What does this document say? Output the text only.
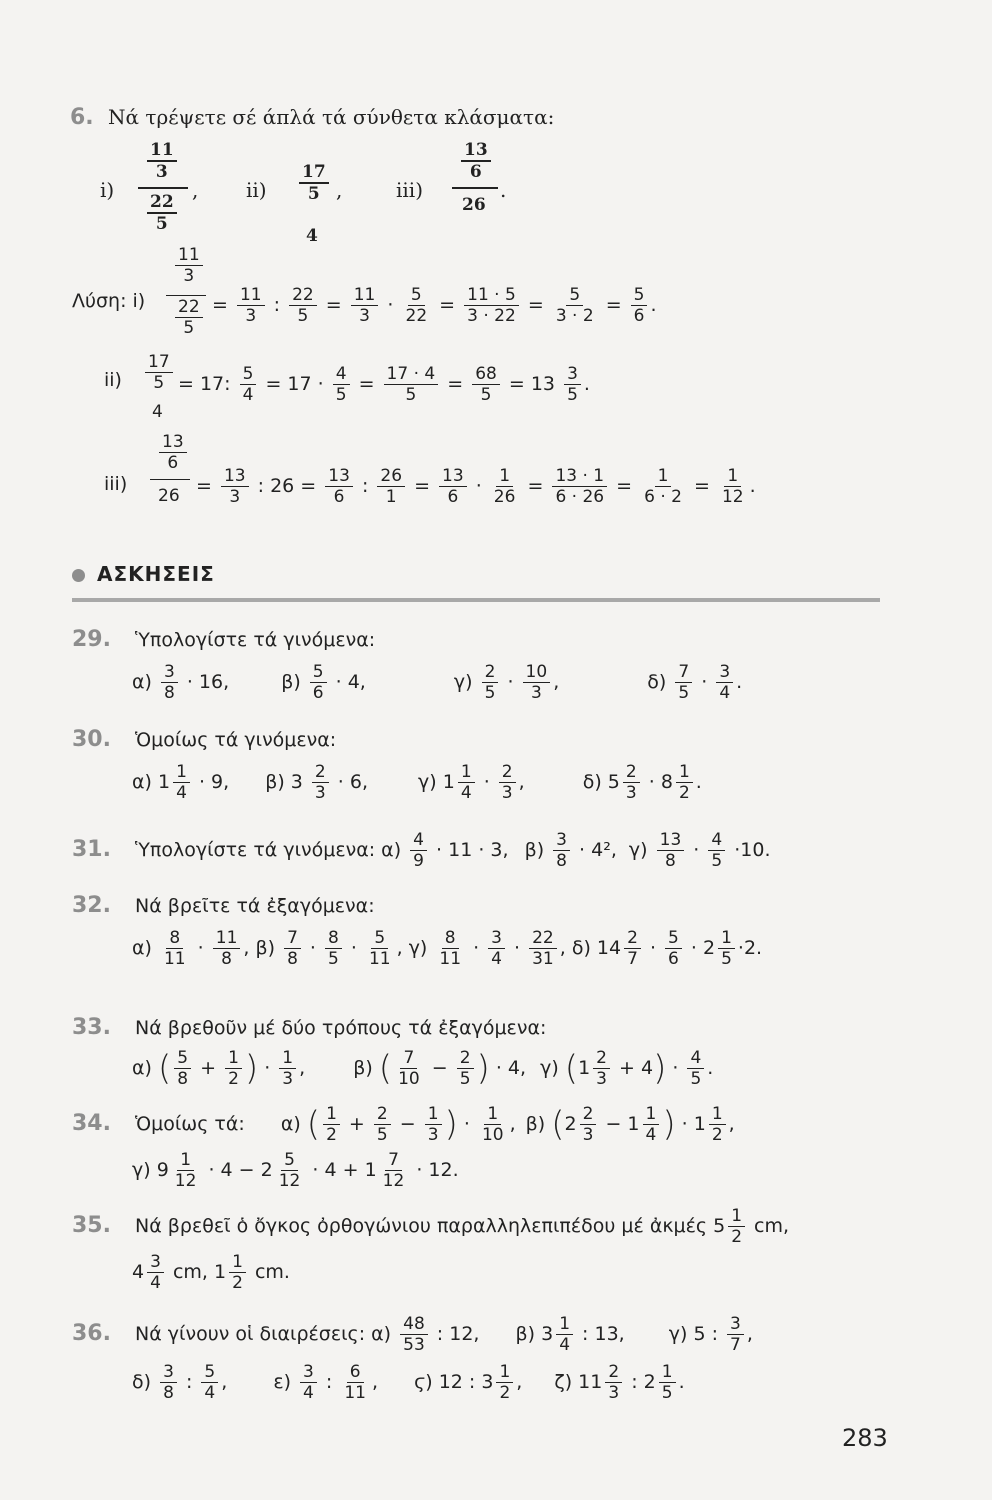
6. Νά τρέψετε σέ άπλά τά σύνθετα κλάσματα:
i)
$\frac{11}{3}$
$\frac{22}{5}$
, $ii) \frac{17}{5}$
4
,	iii)
$\frac{13}{6}$
26
.
Λύση: i)
$\frac{11}{3}$
$\frac{22}{5} = \frac{11}{3}$ : $\frac{22}{5} = \frac{11}{3} \cdot \frac{5}{22} = \frac{11 \cdot 5}{3 \cdot 22} = \frac{5}{3 \cdot 2} = \frac{5}{6}$ .
$ii) \frac{17}{5}$
4
= 17: $\frac{5}{4} = 17 \cdot \frac{4}{5} = \frac{17 \cdot 4}{5} = \frac{68}{5} = 13 \frac{3}{5}$ .
iii)
$\frac{13}{6}$
$26 = \frac{13}{3}$ : $26 = \frac{13}{6}$ : $\frac{26}{1} = \frac{13}{6} \cdot \frac{1}{26} = \frac{13 \cdot 1}{6 \cdot 26} = \frac{1}{6 \cdot 2} = \frac{1}{12}$ .
ΑΣΚΗΣΕΙΣ
29. Ὑπολογίστε τά γινόμενα:
$\alpha) \frac{3}{8} \cdot 16$, $\beta) \frac{5}{6} \cdot 4$,	$\gamma) \frac{2}{5} \cdot \frac{10}{3}$ ,	$\delta) \frac{7}{5} \cdot \frac{3}{4}$ .
30. Ὁμοίως τά γινόμενα:
α) $1 \frac{1}{4} \cdot 9$, β) $3 \frac{2}{3} \cdot 6$,	γ) $1 \frac{1}{4} \cdot \frac{2}{3}$ ,	δ) $5 \frac{2}{3} \cdot 8 \frac{1}{2}$ .
31. Ὑπολογίστε τά γινόμενα: $\alpha) \frac{4}{9} \cdot 11 \cdot 3$, $\beta) \frac{3}{8} \cdot 4^2$, $\gamma) \frac{13}{8} \cdot \frac{4}{5} \cdot 10$.
32. Νά βρεῖτε τά ἐξαγόμενα:
$\alpha) \frac{8}{11} \cdot \frac{11}{8}$ , $\beta) \frac{7}{8} \cdot \frac{8}{5} \cdot \frac{5}{11}$ , $\gamma) \frac{8}{11} \cdot \frac{3}{4} \cdot \frac{22}{31}$ , δ) $14 \frac{2}{7} \cdot \frac{5}{6} \cdot 2 \frac{1}{5} \cdot 2$.
33. Νά βρεθοῦν μέ δύο τρόπους τά ἐξαγόμενα:
α) ( $\frac{5}{8} + \frac{1}{2}$ ) · $\frac{1}{3}$ , β) ( $\frac{7}{10} - \frac{2}{5}$ ) · 4, γ) $(1 \frac{2}{3} + 4) \cdot \frac{4}{5}$ .
34. Ὁμοίως τά: α) ( $\frac{1}{2} + \frac{2}{5} - \frac{1}{3}$ ) · $\frac{1}{10}$ , β) ($2 \frac{2}{3} - 1 \frac{1}{4}$ ) · $1 \frac{1}{2}$ ,
γ) $9 \frac{1}{12} \cdot 4 - 2 \frac{5}{12} \cdot 4 + 1 \frac{7}{12} \cdot 12$.
35. Νά βρεθεῖ ὁ ὄγκος ὀρθογώνιου παραλληλεπιπέδου μέ ἀκμές $5 \frac{1}{2}$ cm,
$4 \frac{3}{4}$ cm, $1 \frac{1}{2}$ cm.
36. Νά γίνουν οἱ διαιρέσεις: $\alpha) \frac{48}{53}$ : 12, β) $3 \frac{1}{4}$ : 13, γ) 5 : $\frac{3}{7}$ ,
$\delta) \frac{3}{8}$ : $\frac{5}{4}$ , $\varepsilon) \frac{3}{4}$ : $\frac{6}{11}$ , ϛ) 12 : $3 \frac{1}{2}$ , ζ) $11 \frac{2}{3}$ : $2 \frac{1}{5}$ .
283
